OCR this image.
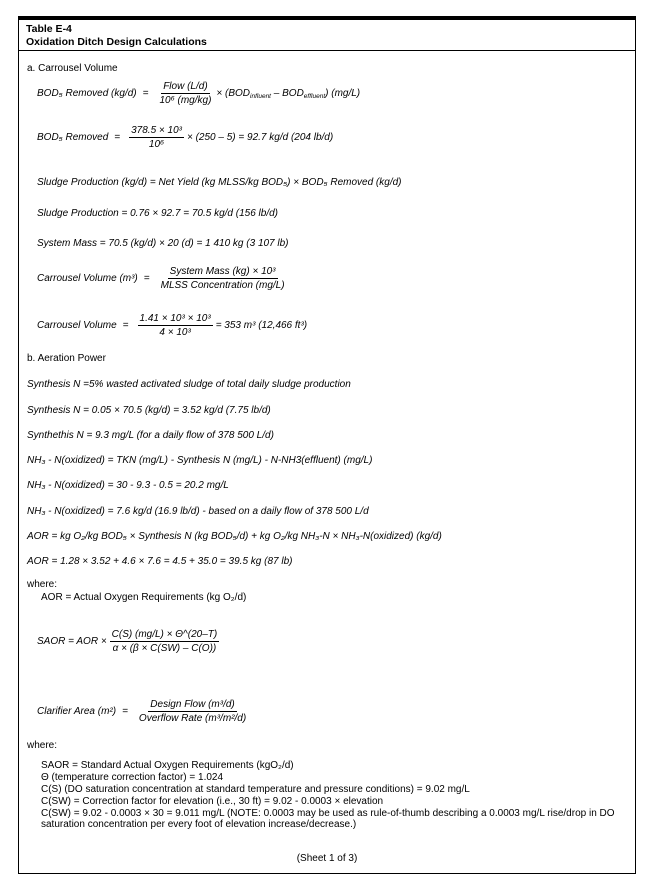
Table E-4
Oxidation Ditch Design Calculations
a. Carrousel Volume
BOD₅ Removed (kg/d) =
Flow (L/d)
10⁶ (mg/kg)
× $(BOD_{influent} - BOD_{effluent})$ (mg/L)
BOD₅ Removed = $\frac{\text{378.5 × 10³}}{\text{10⁶}} \times (250 - 5) = 92.7$ kg/d (204 lb/d)
Sludge Production (kg/d) = Net Yield (kg MLSS/kg BOD₅) × BOD₅ Removed (kg/d)
Sludge Production = 0.76 × 92.7 = 70.5 kg/d (156 lb/d)
System Mass = 70.5 (kg/d) × 20 (d) = 1 410 kg (3 107 lb)
Carrousel Volume (m³) =
System Mass (kg) × 10³
MLSS Concentration (mg/L)
Carrousel Volume = $\frac{\text{1.41 × 10³ × 10³}}{\text{4 × 10³}} = 353$ m³ (12,466 ft³)
b. Aeration Power
Synthesis N =5% wasted activated sludge of total daily sludge production
Synthesis N = 0.05 × 70.5 (kg/d) = 3.52 kg/d (7.75 lb/d)
Synthethis N = 9.3 mg/L (for a daily flow of 378 500 L/d)
NH₃ - N(oxidized) = TKN (mg/L) - Synthesis N (mg/L) - N-NH3(effluent) (mg/L)
NH₃ - N(oxidized) = 30 - 9.3 - 0.5 = 20.2 mg/L
NH₃ - N(oxidized) = 7.6 kg/d (16.9 lb/d) - based on a daily flow of 378 500 L/d
AOR = kg O₂/kg BOD₅ × Synthesis N (kg BOD₅/d) + kg O₂/kg NH₃-N × NH₃-N(oxidized) (kg/d)
AOR = 1.28 × 3.52 + 4.6 × 7.6 = 4.5 + 35.0 = 39.5 kg (87 lb)
where:
AOR = Actual Oxygen Requirements (kg O₂/d)
SAOR = AOR × $\frac{C(S) (mg/L) \times \Theta\^{}(20-T)}{\alpha \times (\beta \times C(SW) - C(O))}$
Clarifier Area (m²) =
Design Flow (m³/d)
Overflow Rate (m³/m²/d)
where:
SAOR = Standard Actual Oxygen Requirements (kgO₂/d)
Θ (temperature correction factor) = 1.024
C(S) (DO saturation concentration at standard temperature and pressure conditions) = 9.02 mg/L
C(SW) = Correction factor for elevation (i.e., 30 ft) = 9.02 - 0.0003 × elevation
C(SW) = 9.02 - 0.0003 × 30 = 9.011 mg/L (NOTE: 0.0003 may be used as rule-of-thumb describing a 0.0003 mg/L rise/drop in DO saturation concentration per every foot of elevation increase/decrease.)
(Sheet 1 of 3)
